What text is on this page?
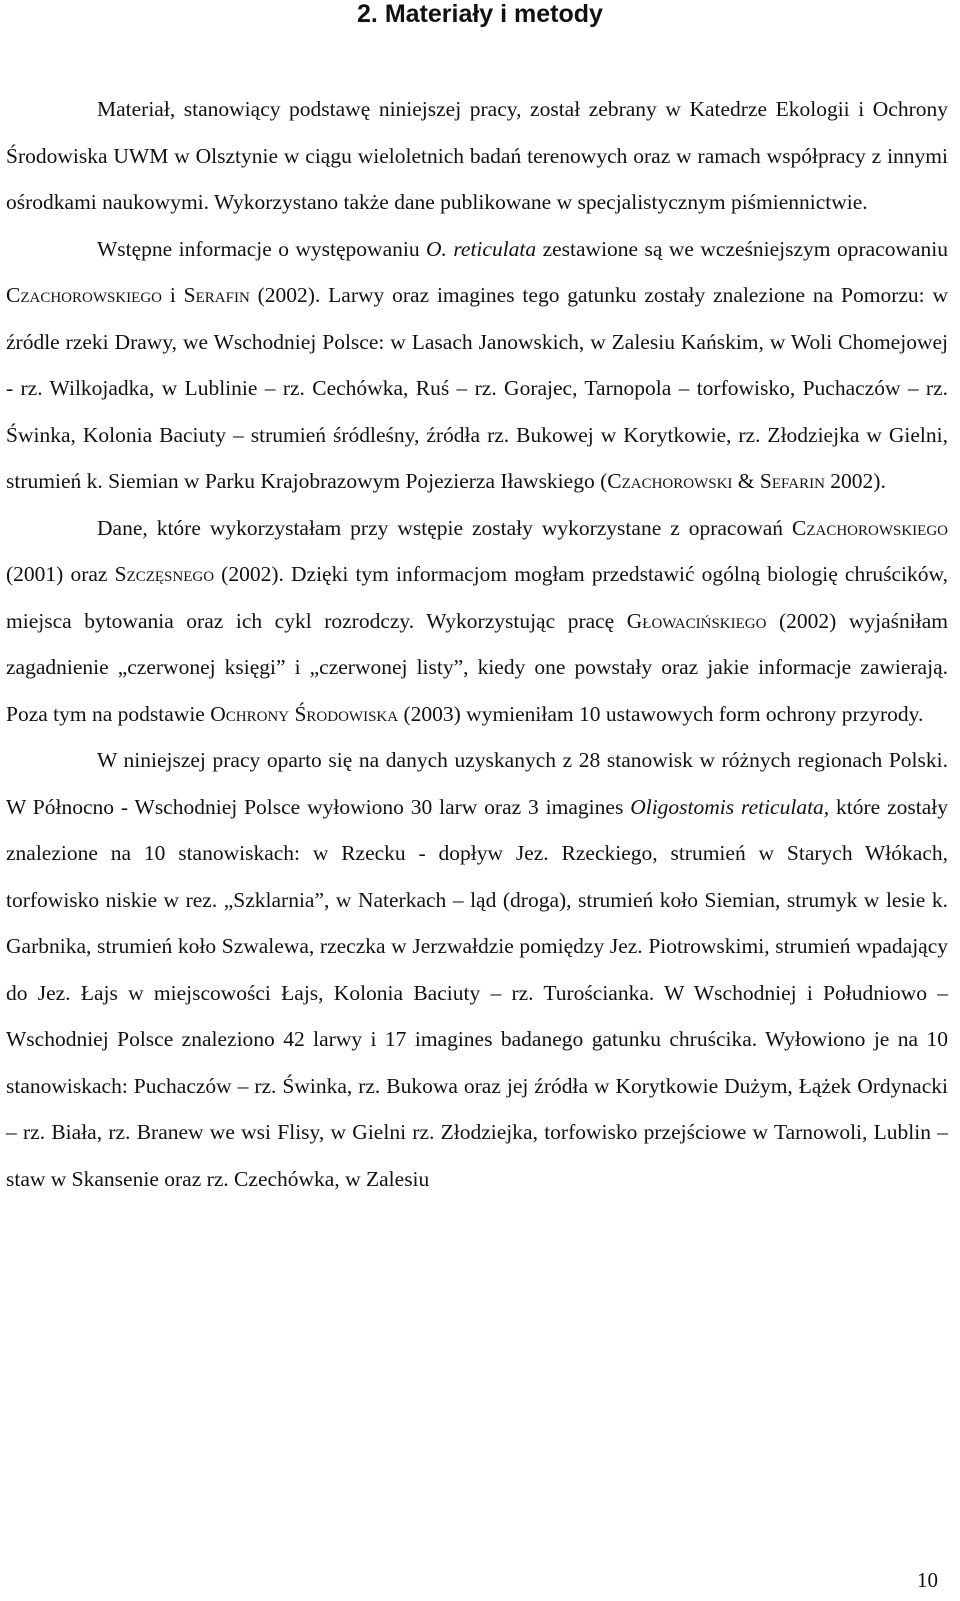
2. Materiały i metody

Materiał, stanowiący podstawę niniejszej pracy, został zebrany w Katedrze Ekologii i Ochrony Środowiska UWM w Olsztynie w ciągu wieloletnich badań terenowych oraz w ramach współpracy z innymi ośrodkami naukowymi. Wykorzystano także dane publikowane w specjalistycznym piśmiennictwie.

Wstępne informacje o występowaniu O. reticulata zestawione są we wcześniejszym opracowaniu Czachorowskiego i Serafin (2002). Larwy oraz imagines tego gatunku zostały znalezione na Pomorzu: w źródle rzeki Drawy, we Wschodniej Polsce: w Lasach Janowskich, w Zalesiu Kańskim, w Woli Chomejowej - rz. Wilkojadka, w Lublinie – rz. Cechówka, Ruś – rz. Gorajec, Tarnopola – torfowisko, Puchaczów – rz. Świnka, Kolonia Baciuty – strumień śródleśny, źródła rz. Bukowej w Korytkowie, rz. Złodziejka w Gielni, strumień k. Siemian w Parku Krajobrazowym Pojezierza Iławskiego (Czachorowski & Sefarin 2002).

Dane, które wykorzystałam przy wstępie zostały wykorzystane z opracowań Czachorowskiego (2001) oraz Szczęsnego (2002). Dzięki tym informacjom mogłam przedstawić ogólną biologię chruścików, miejsca bytowania oraz ich cykl rozrodczy. Wykorzystując pracę Głowacińskiego (2002) wyjaśniłam zagadnienie „czerwonej księgi” i „czerwonej listy”, kiedy one powstały oraz jakie informacje zawierają. Poza tym na podstawie Ochrony Środowiska (2003) wymieniłam 10 ustawowych form ochrony przyrody.

W niniejszej pracy oparto się na danych uzyskanych z 28 stanowisk w różnych regionach Polski. W Północno - Wschodniej Polsce wyłowiono 30 larw oraz 3 imagines Oligostomis reticulata, które zostały znalezione na 10 stanowiskach: w Rzecku - dopływ Jez. Rzeckiego, strumień w Starych Włókach, torfowisko niskie w rez. „Szklarnia”, w Naterkach – ląd (droga), strumień koło Siemian, strumyk w lesie k. Garbnika, strumień koło Szwalewa, rzeczka w Jerzwałdzie pomiędzy Jez. Piotrowskimi, strumień wpadający do Jez. Łajs w miejscowości Łajs, Kolonia Baciuty – rz. Turościanka. W Wschodniej i Południowo – Wschodniej Polsce znaleziono 42 larwy i 17 imagines badanego gatunku chruścika. Wyłowiono je na 10 stanowiskach: Puchaczów – rz. Świnka, rz. Bukowa oraz jej źródła w Korytkowie Dużym, Łążek Ordynacki – rz. Biała, rz. Branew we wsi Flisy, w Gielni rz. Złodziejka, torfowisko przejściowe w Tarnowoli, Lublin – staw w Skansenie oraz rz. Czechówka, w Zalesiu

10
